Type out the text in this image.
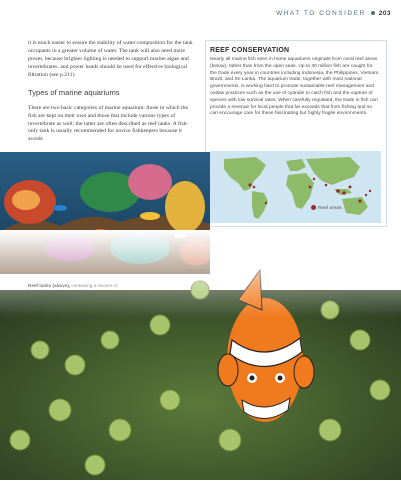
WHAT TO CONSIDER 203

it is much easier to ensure the stability of water composition for the tank occupants in a greater volume of water. The tank will also need more power, because brighter lighting is needed to support marine algae and invertebrates, and power heads should be used for effective biological filtration (see p.211).

Types of marine aquariums

There are two basic categories of marine aquarium: those in which the fish are kept on their own and those that include various types of invertebrate as well; the latter are often described as reef tanks. A fish-only tank is usually recommended for novice fishkeepers because it avoids

REEF CONSERVATION
Nearly all marine fish seen in home aquariums originate from coral reef areas (below), rather than from the open seas. Up to 30 million fish are caught for the trade every year in countries including Indonesia, the Philippines, Vietnam, Brazil, and Sri Lanka. The aquarium trade, together with most national governments, is working hard to promote sustainable reef management and outlaw practices such as the use of cyanide to catch fish and the capture of species with low survival rates. When carefully regulated, the trade in fish can provide a revenue for local people that far exceeds that from fishing and so can encourage care for these fascinating but highly fragile environments.
Reef areas
